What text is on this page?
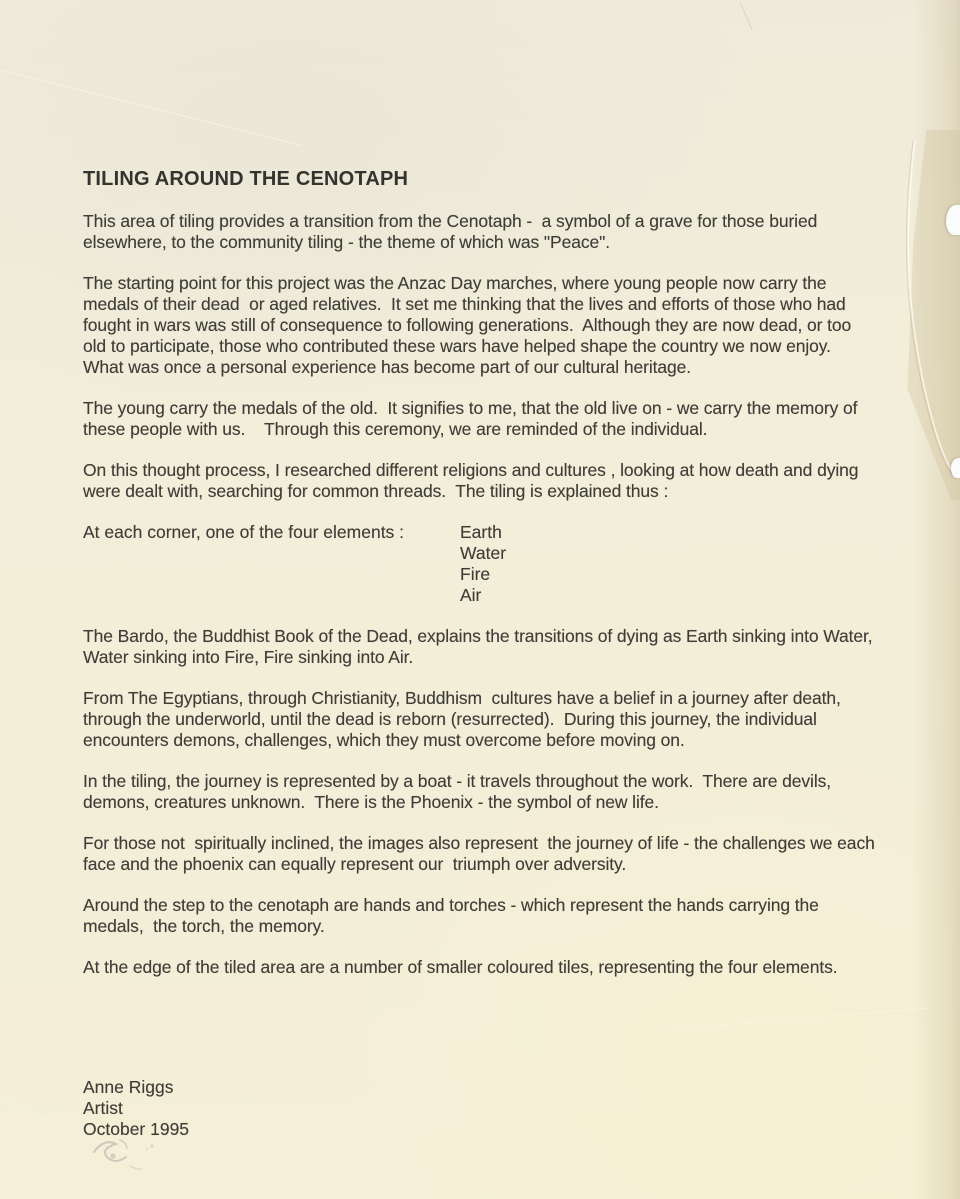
TILING AROUND THE CENOTAPH

This area of tiling provides a transition from the Cenotaph -  a symbol of a grave for those buried elsewhere, to the community tiling - the theme of which was "Peace".

The starting point for this project was the Anzac Day marches, where young people now carry the medals of their dead  or aged relatives.  It set me thinking that the lives and efforts of those who had fought in wars was still of consequence to following generations.  Although they are now dead, or too old to participate, those who contributed these wars have helped shape the country we now enjoy.  What was once a personal experience has become part of our cultural heritage.

The young carry the medals of the old.  It signifies to me, that the old live on - we carry the memory of these people with us.    Through this ceremony, we are reminded of the individual.

On this thought process, I researched different religions and cultures , looking at how death and dying were dealt with, searching for common threads.  The tiling is explained thus :

At each corner, one of the four elements :	Earth
Water
Fire
Air

The Bardo, the Buddhist Book of the Dead, explains the transitions of dying as Earth sinking into Water, Water sinking into Fire, Fire sinking into Air.

From The Egyptians, through Christianity, Buddhism  cultures have a belief in a journey after death, through the underworld, until the dead is reborn (resurrected).  During this journey, the individual encounters demons, challenges, which they must overcome before moving on.

In the tiling, the journey is represented by a boat - it travels throughout the work.  There are devils, demons, creatures unknown.  There is the Phoenix - the symbol of new life.

For those not  spiritually inclined, the images also represent  the journey of life - the challenges we each face and the phoenix can equally represent our  triumph over adversity.

Around the step to the cenotaph are hands and torches - which represent the hands carrying the medals,  the torch, the memory.

At the edge of the tiled area are a number of smaller coloured tiles, representing the four elements.

Anne Riggs
Artist
October 1995
